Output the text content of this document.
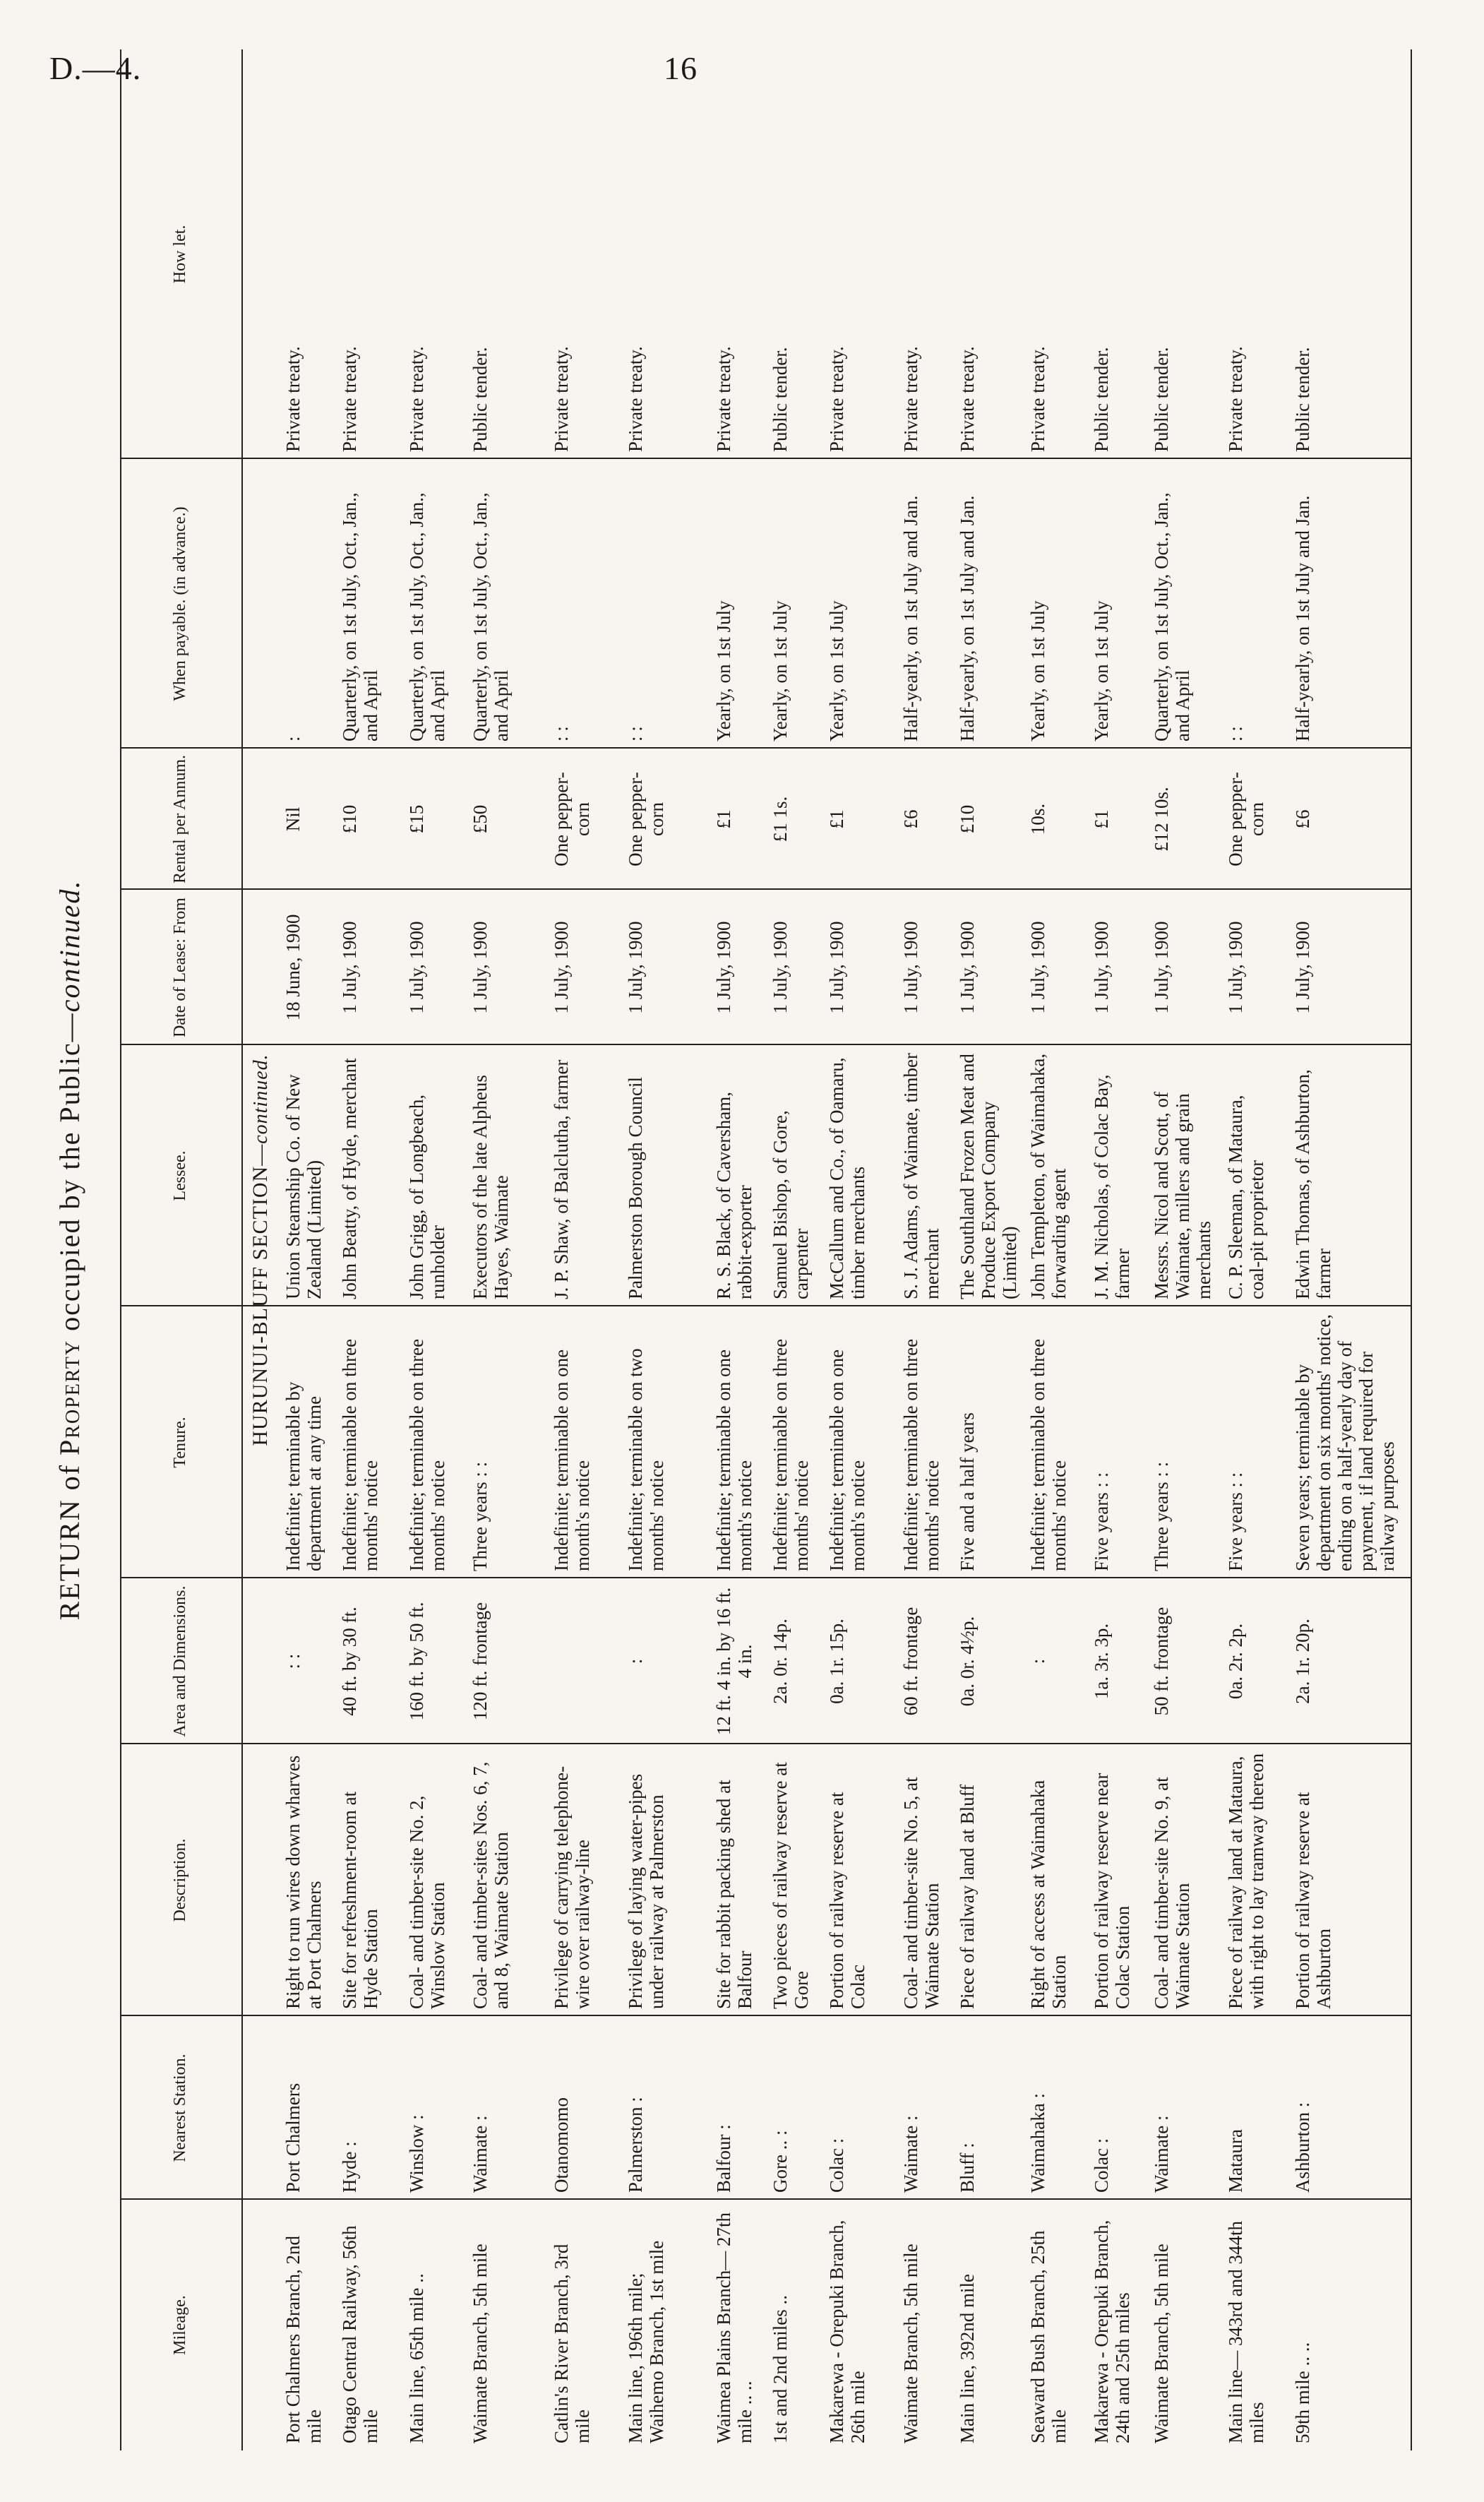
D.—4.	16
RETURN of Property occupied by the Public—continued.
Mileage.
Nearest Station.
Description.
Area and Dimensions.
Tenure.
Lessee.
Date of Lease: From
Rental per Annum.
When payable. (in advance.)
How let.
HURUNUI-BLUFF SECTION—continued.
Port Chalmers Branch, 2nd mile
Port Chalmers
Right to run wires down wharves at Port Chalmers
: :
Indefinite; terminable by department at any time
Union Steamship Co. of New Zealand (Limited)
18 June, 1900
Nil
:
Private treaty.
Otago Central Railway, 56th mile
Hyde :
Site for refreshment-room at Hyde Station
40 ft. by 30 ft.
Indefinite; terminable on three months' notice
John Beatty, of Hyde, merchant
1 July, 1900
£10
Quarterly, on 1st July, Oct., Jan., and April
Private treaty.
Main line, 65th mile ..
Winslow :
Coal- and timber-site No. 2, Winslow Station
160 ft. by 50 ft.
Indefinite; terminable on three months' notice
John Grigg, of Longbeach, runholder
1 July, 1900
£15
Quarterly, on 1st July, Oct., Jan., and April
Private treaty.
Waimate Branch, 5th mile
Waimate :
Coal- and timber-sites Nos. 6, 7, and 8, Waimate Station
120 ft. frontage
Three years : :
Executors of the late Alpheus Hayes, Waimate
1 July, 1900
£50
Quarterly, on 1st July, Oct., Jan., and April
Public tender.
Catlin's River Branch, 3rd mile
Otanomomo
Privilege of carrying telephone-wire over railway-line
Indefinite; terminable on one month's notice
J. P. Shaw, of Balclutha, farmer
1 July, 1900
One pepper-corn
: :
Private treaty.
Main line, 196th mile; Waihemo Branch, 1st mile
Palmerston :
Privilege of laying water-pipes under railway at Palmerston
:
Indefinite; terminable on two months' notice
Palmerston Borough Council
1 July, 1900
One pepper-corn
: :
Private treaty.
Waimea Plains Branch— 27th mile .. ..
Balfour :
Site for rabbit packing shed at Balfour
12 ft. 4 in. by 16 ft. 4 in.
Indefinite; terminable on one month's notice
R. S. Black, of Caversham, rabbit-exporter
1 July, 1900
£1
Yearly, on 1st July
Private treaty.
1st and 2nd miles ..
Gore .. :
Two pieces of railway reserve at Gore
2a. 0r. 14p.
Indefinite; terminable on three months' notice
Samuel Bishop, of Gore, carpenter
1 July, 1900
£1 1s.
Yearly, on 1st July
Public tender.
Makarewa - Orepuki Branch, 26th mile
Colac :
Portion of railway reserve at Colac
0a. 1r. 15p.
Indefinite; terminable on one month's notice
McCallum and Co., of Oamaru, timber merchants
1 July, 1900
£1
Yearly, on 1st July
Private treaty.
Waimate Branch, 5th mile
Waimate :
Coal- and timber-site No. 5, at Waimate Station
60 ft. frontage
Indefinite; terminable on three months' notice
S. J. Adams, of Waimate, timber merchant
1 July, 1900
£6
Half-yearly, on 1st July and Jan.
Private treaty.
Main line, 392nd mile
Bluff :
Piece of railway land at Bluff
0a. 0r. 4½p.
Five and a half years
The Southland Frozen Meat and Produce Export Company (Limited)
1 July, 1900
£10
Half-yearly, on 1st July and Jan.
Private treaty.
Seaward Bush Branch, 25th mile
Waimahaka :
Right of access at Waimahaka Station
:
Indefinite; terminable on three months' notice
John Templeton, of Waimahaka, forwarding agent
1 July, 1900
10s.
Yearly, on 1st July
Private treaty.
Makarewa - Orepuki Branch, 24th and 25th miles
Colac :
Portion of railway reserve near Colac Station
1a. 3r. 3p.
Five years : :
J. M. Nicholas, of Colac Bay, farmer
1 July, 1900
£1
Yearly, on 1st July
Public tender.
Waimate Branch, 5th mile
Waimate :
Coal- and timber-site No. 9, at Waimate Station
50 ft. frontage
Three years : :
Messrs. Nicol and Scott, of Waimate, millers and grain merchants
1 July, 1900
£12 10s.
Quarterly, on 1st July, Oct., Jan., and April
Public tender.
Main line— 343rd and 344th miles
Mataura
Piece of railway land at Mataura, with right to lay tramway thereon
0a. 2r. 2p.
Five years : :
C. P. Sleeman, of Mataura, coal-pit proprietor
1 July, 1900
One pepper-corn
: :
Private treaty.
59th mile .. ..
Ashburton :
Portion of railway reserve at Ashburton
2a. 1r. 20p.
Seven years; terminable by department on six months' notice, ending on a half-yearly day of payment, if land required for railway purposes
Edwin Thomas, of Ashburton, farmer
1 July, 1900
£6
Half-yearly, on 1st July and Jan.
Public tender.
